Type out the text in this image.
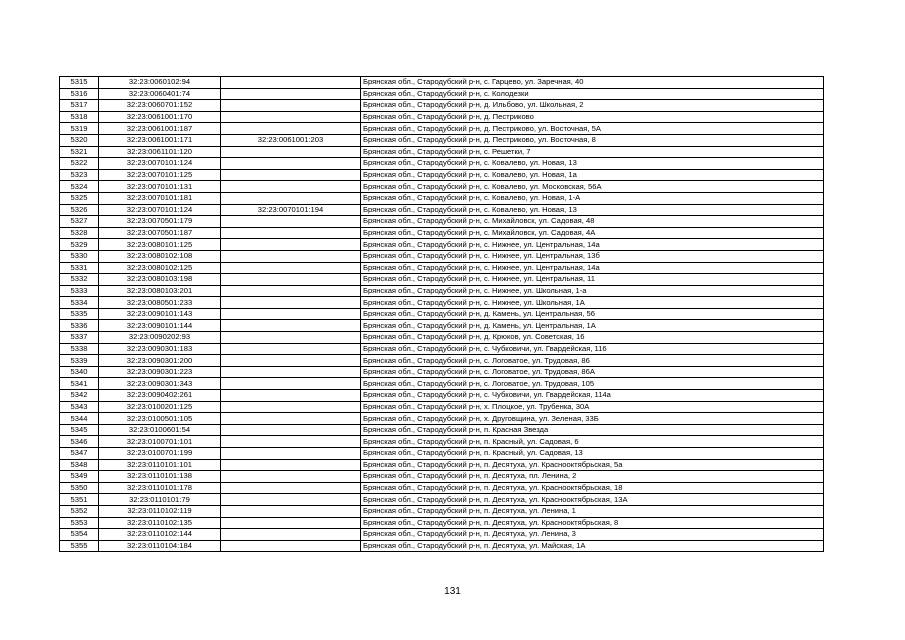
5315	32:23:0060102:94		Брянская обл., Стародубский р-н, с. Гарцево, ул. Заречная, 40
5316	32:23:0060401:74		Брянская обл., Стародубский р-н, с. Колодезки
5317	32:23:0060701:152		Брянская обл., Стародубский р-н, д. Ильбово, ул. Школьная, 2
5318	32:23:0061001:170		Брянская обл., Стародубский р-н, д. Пестриково
5319	32:23:0061001:187		Брянская обл., Стародубский р-н, д. Пестриково, ул. Восточная, 5А
5320	32:23:0061001:171	32:23:0061001:203	Брянская обл., Стародубский р-н, д. Пестриково, ул. Восточная, 8
5321	32:23:0061101:120		Брянская обл., Стародубский р-н, с. Решетки, 7
5322	32:23:0070101:124		Брянская обл., Стародубский р-н, с. Ковалево, ул. Новая, 13
5323	32:23:0070101:125		Брянская обл., Стародубский р-н, с. Ковалево, ул. Новая, 1а
5324	32:23:0070101:131		Брянская обл., Стародубский р-н, с. Ковалево, ул. Московская, 56А
5325	32:23:0070101:181		Брянская обл., Стародубский р-н, с. Ковалево, ул. Новая, 1-А
5326	32:23:0070101:124	32:23:0070101:194	Брянская обл., Стародубский р-н, с. Ковалево, ул. Новая, 13
5327	32:23:0070501:179		Брянская обл., Стародубский р-н, с. Михайловск, ул. Садовая, 48
5328	32:23:0070501:187		Брянская обл., Стародубский р-н, с. Михайловск, ул. Садовая, 4А
5329	32:23:0080101:125		Брянская обл., Стародубский р-н, с. Нижнее, ул. Центральная, 14а
5330	32:23:0080102:108		Брянская обл., Стародубский р-н, с. Нижнее, ул. Центральная, 13б
5331	32:23:0080102:125		Брянская обл., Стародубский р-н, с. Нижнее, ул. Центральная, 14а
5332	32:23:0080103:198		Брянская обл., Стародубский р-н, с. Нижнее, ул. Центральная, 11
5333	32:23:0080103:201		Брянская обл., Стародубский р-н, с. Нижнее, ул. Школьная, 1-а
5334	32:23:0080501:233		Брянская обл., Стародубский р-н, с. Нижнее, ул. Школьная, 1А
5335	32:23:0090101:143		Брянская обл., Стародубский р-н, д. Камень, ул. Центральная, 56
5336	32:23:0090101:144		Брянская обл., Стародубский р-н, д. Камень, ул. Центральная, 1А
5337	32:23:0090202:93		Брянская обл., Стародубский р-н, д. Крюков, ул. Советская, 16
5338	32:23:0090301:183		Брянская обл., Стародубский р-н, с. Чубковичи, ул. Гвардейская, 116
5339	32:23:0090301:200		Брянская обл., Стародубский р-н, с. Логоватое, ул. Трудовая, 86
5340	32:23:0090301:223		Брянская обл., Стародубский р-н, с. Логоватое, ул. Трудовая, 86А
5341	32:23:0090301:343		Брянская обл., Стародубский р-н, с. Логоватое, ул. Трудовая, 105
5342	32:23:0090402:261		Брянская обл., Стародубский р-н, с. Чубковичи, ул. Гвардейская, 114а
5343	32:23:0100201:125		Брянская обл., Стародубский р-н, х. Плоцкое, ул. Трубенка, 30А
5344	32:23:0100501:105		Брянская обл., Стародубский р-н, х. Друговщина, ул. Зеленая, 33Б
5345	32:23:0100601:54		Брянская обл., Стародубский р-н, п. Красная Звезда
5346	32:23:0100701:101		Брянская обл., Стародубский р-н, п. Красный, ул. Садовая, 6
5347	32:23:0100701:199		Брянская обл., Стародубский р-н, п. Красный, ул. Садовая, 13
5348	32:23:0110101:101		Брянская обл., Стародубский р-н, п. Десятуха, ул. Краснооктябрьская, 5а
5349	32:23:0110101:138		Брянская обл., Стародубский р-н, п. Десятуха, пл. Ленина, 2
5350	32:23:0110101:178		Брянская обл., Стародубский р-н, п. Десятуха, ул. Краснооктябрьская, 18
5351	32:23:0110101:79		Брянская обл., Стародубский р-н, п. Десятуха, ул. Краснооктябрьская, 13А
5352	32:23:0110102:119		Брянская обл., Стародубский р-н, п. Десятуха, ул. Ленина, 1
5353	32:23:0110102:135		Брянская обл., Стародубский р-н, п. Десятуха, ул. Краснооктябрьская, 8
5354	32:23:0110102:144		Брянская обл., Стародубский р-н, п. Десятуха, ул. Ленина, 3
5355	32:23:0110104:184		Брянская обл., Стародубский р-н, п. Десятуха, ул. Майская, 1А
131
